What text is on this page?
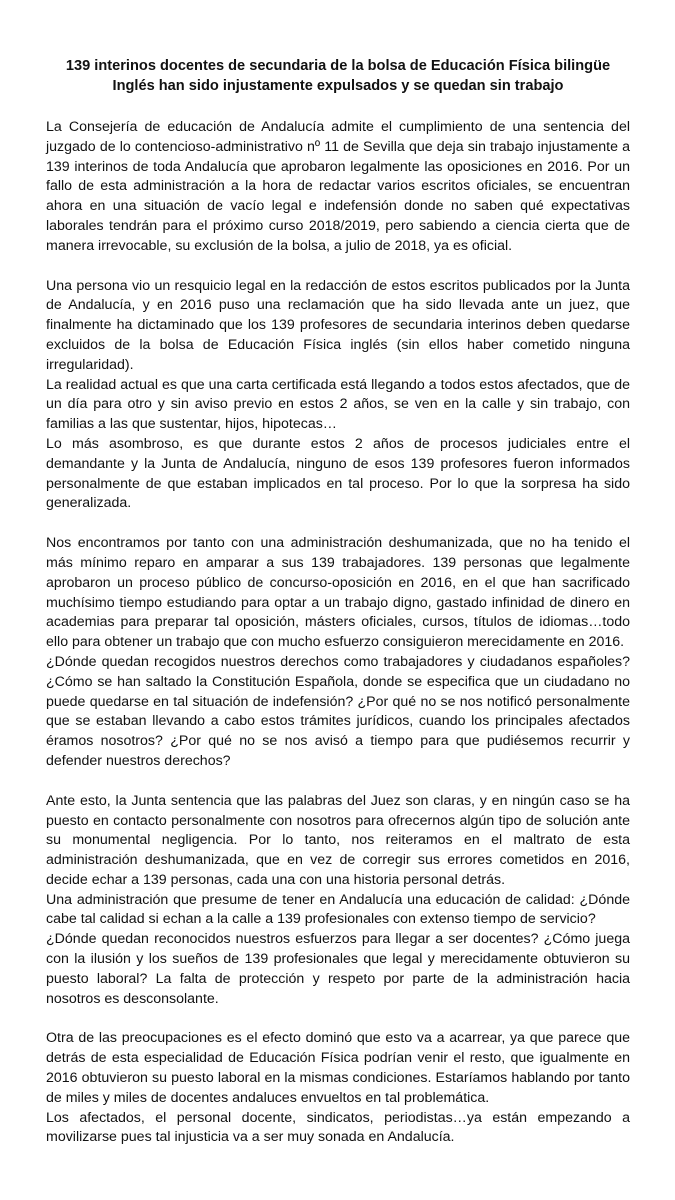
139 interinos docentes de secundaria de la bolsa de Educación Física bilingüe Inglés han sido injustamente expulsados y se quedan sin trabajo

La Consejería de educación de Andalucía admite el cumplimiento de una sentencia del juzgado de lo contencioso-administrativo nº 11 de Sevilla que deja sin trabajo injustamente a 139 interinos de toda Andalucía que aprobaron legalmente las oposiciones en 2016. Por un fallo de esta administración a la hora de redactar varios escritos oficiales, se encuentran ahora en una situación de vacío legal e indefensión donde no saben qué expectativas laborales tendrán para el próximo curso 2018/2019, pero sabiendo a ciencia cierta que de manera irrevocable, su exclusión de la bolsa, a julio de 2018, ya es oficial.

Una persona vio un resquicio legal en la redacción de estos escritos publicados por la Junta de Andalucía, y en 2016 puso una reclamación que ha sido llevada ante un juez, que finalmente ha dictaminado que los 139 profesores de secundaria interinos deben quedarse excluidos de la bolsa de Educación Física inglés (sin ellos haber cometido ninguna irregularidad).

La realidad actual es que una carta certificada está llegando a todos estos afectados, que de un día para otro y sin aviso previo en estos 2 años, se ven en la calle y sin trabajo, con familias a las que sustentar, hijos, hipotecas…

Lo más asombroso, es que durante estos 2 años de procesos judiciales entre el demandante y la Junta de Andalucía, ninguno de esos 139 profesores fueron informados personalmente de que estaban implicados en tal proceso. Por lo que la sorpresa ha sido generalizada.

Nos encontramos por tanto con una administración deshumanizada, que no ha tenido el más mínimo reparo en amparar a sus 139 trabajadores. 139 personas que legalmente aprobaron un proceso público de concurso-oposición en 2016, en el que han sacrificado muchísimo tiempo estudiando para optar a un trabajo digno, gastado infinidad de dinero en academias para preparar tal oposición, másters oficiales, cursos, títulos de idiomas…todo ello para obtener un trabajo que con mucho esfuerzo consiguieron merecidamente en 2016.

¿Dónde quedan recogidos nuestros derechos como trabajadores y ciudadanos españoles? ¿Cómo se han saltado la Constitución Española, donde se especifica que un ciudadano no puede quedarse en tal situación de indefensión? ¿Por qué no se nos notificó personalmente que se estaban llevando a cabo estos trámites jurídicos, cuando los principales afectados éramos nosotros? ¿Por qué no se nos avisó a tiempo para que pudiésemos recurrir y defender nuestros derechos?

Ante esto, la Junta sentencia que las palabras del Juez son claras, y en ningún caso se ha puesto en contacto personalmente con nosotros para ofrecernos algún tipo de solución ante su monumental negligencia. Por lo tanto, nos reiteramos en el maltrato de esta administración deshumanizada, que en vez de corregir sus errores cometidos en 2016, decide echar a 139 personas, cada una con una historia personal detrás.

Una administración que presume de tener en Andalucía una educación de calidad: ¿Dónde cabe tal calidad si echan a la calle a 139 profesionales con extenso tiempo de servicio?

¿Dónde quedan reconocidos nuestros esfuerzos para llegar a ser docentes? ¿Cómo juega con la ilusión y los sueños de 139 profesionales que legal y merecidamente obtuvieron su puesto laboral? La falta de protección y respeto por parte de la administración hacia nosotros es desconsolante.

Otra de las preocupaciones es el efecto dominó que esto va a acarrear, ya que parece que detrás de esta especialidad de Educación Física podrían venir el resto, que igualmente en 2016 obtuvieron su puesto laboral en la mismas condiciones. Estaríamos hablando por tanto de miles y miles de docentes andaluces envueltos en tal problemática.

Los afectados, el personal docente, sindicatos, periodistas…ya están empezando a movilizarse pues tal injusticia va a ser muy sonada en Andalucía.
